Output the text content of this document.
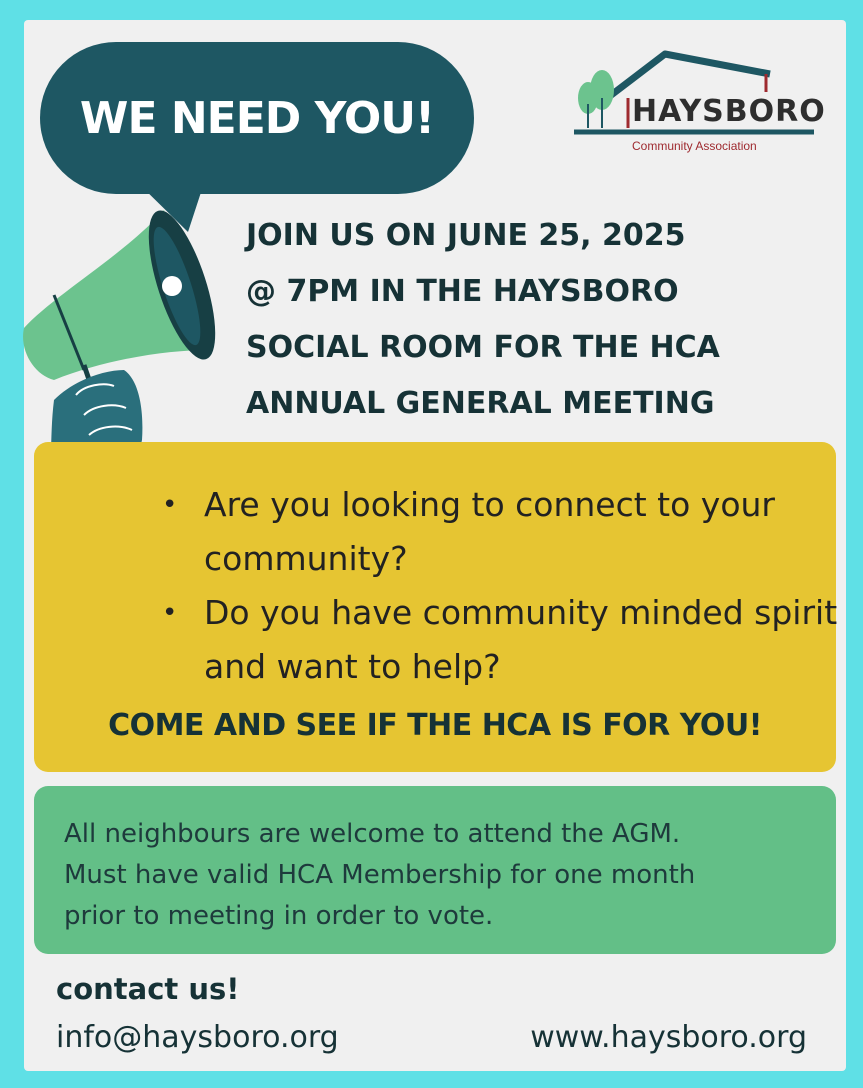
WE NEED YOU!	HAYSBORO
Community Association
JOIN US ON JUNE 25, 2025
@ 7PM IN THE HAYSBORO
SOCIAL ROOM FOR THE HCA
ANNUAL GENERAL MEETING
• Are you looking to connect to your community?
• Do you have community minded spirit and want to help?
COME AND SEE IF THE HCA IS FOR YOU!
All neighbours are welcome to attend the AGM.
Must have valid HCA Membership for one month
prior to meeting in order to vote.
contact us!
info@haysboro.org	www.haysboro.org
